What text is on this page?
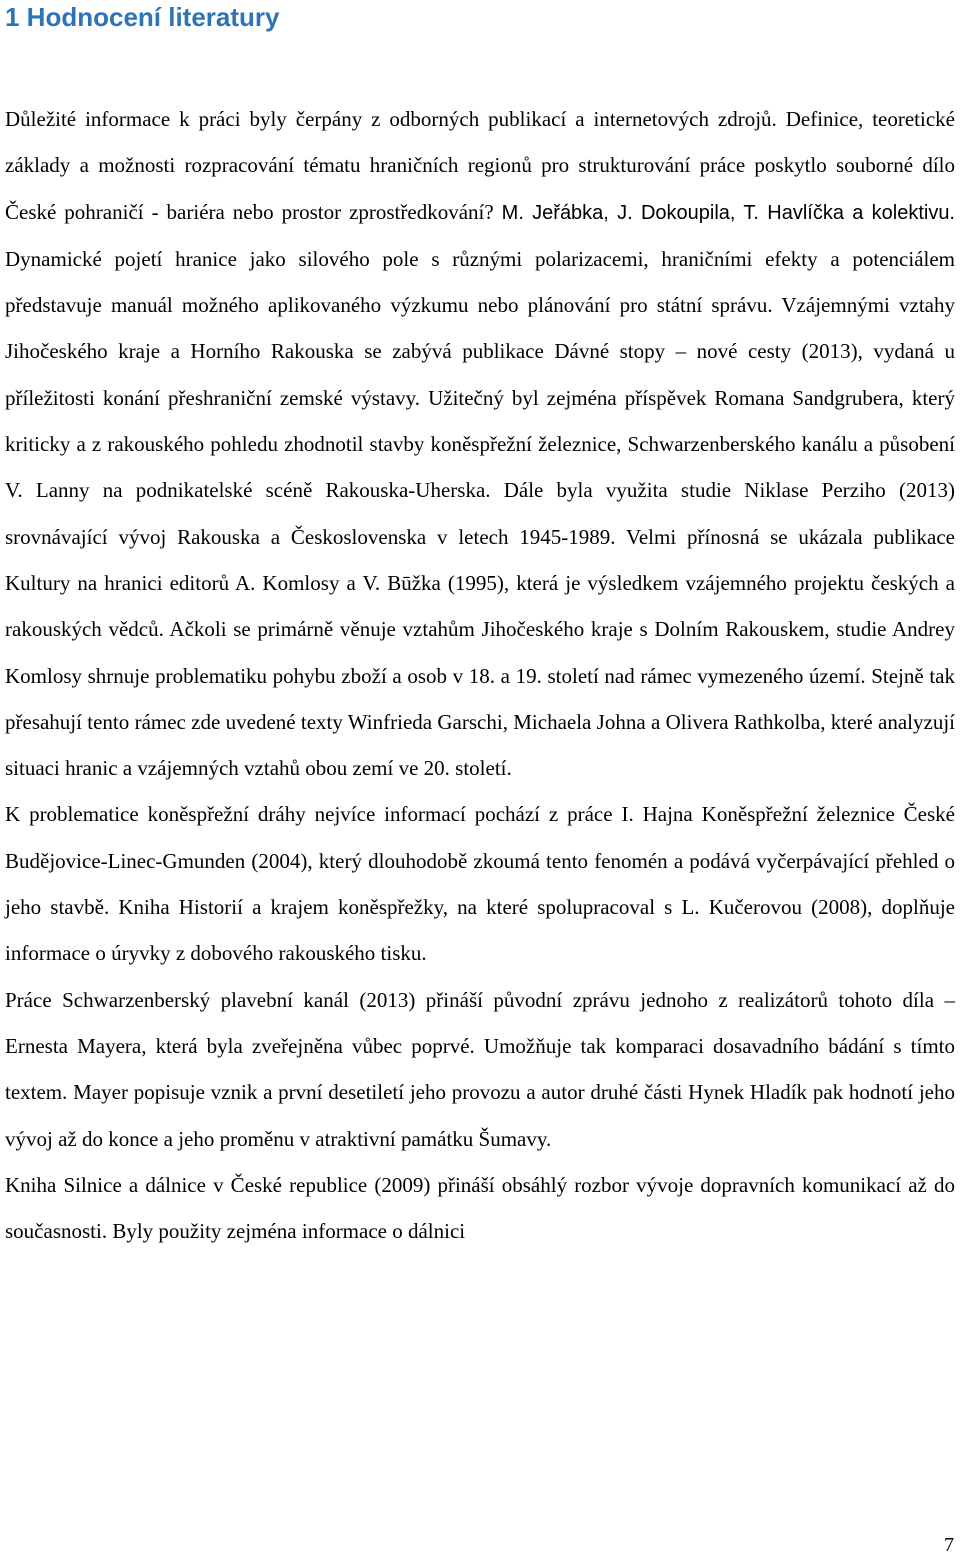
1 Hodnocení literatury

Důležité informace k práci byly čerpány z odborných publikací a internetových zdrojů. Definice, teoretické základy a možnosti rozpracování tématu hraničních regionů pro strukturování práce poskytlo souborné dílo České pohraničí - bariéra nebo prostor zprostředkování? M. Jeřábka, J. Dokoupila, T. Havlíčka a kolektivu. Dynamické pojetí hranice jako silového pole s různými polarizacemi, hraničními efekty a potenciálem představuje manuál možného aplikovaného výzkumu nebo plánování pro státní správu. Vzájemnými vztahy Jihočeského kraje a Horního Rakouska se zabývá publikace Dávné stopy – nové cesty (2013), vydaná u příležitosti konání přeshraniční zemské výstavy. Užitečný byl zejména příspěvek Romana Sandgrubera, který kriticky a z rakouského pohledu zhodnotil stavby koněspřežní železnice, Schwarzenberského kanálu a působení V. Lanny na podnikatelské scéně Rakouska-Uherska. Dále byla využita studie Niklase Perziho (2013) srovnávající vývoj Rakouska a Československa v letech 1945-1989. Velmi přínosná se ukázala publikace Kultury na hranici editorů A. Komlosy a V. Būžka (1995), která je výsledkem vzájemného projektu českých a rakouských vědců. Ačkoli se primárně věnuje vztahům Jihočeského kraje s Dolním Rakouskem, studie Andrey Komlosy shrnuje problematiku pohybu zboží a osob v 18. a 19. století nad rámec vymezeného území. Stejně tak přesahují tento rámec zde uvedené texty Winfrieda Garschi, Michaela Johna a Olivera Rathkolba, které analyzují situaci hranic a vzájemných vztahů obou zemí ve 20. století.

K problematice koněspřežní dráhy nejvíce informací pochází z práce I. Hajna Koněspřežní železnice České Budějovice-Linec-Gmunden (2004), který dlouhodobě zkoumá tento fenomén a podává vyčerpávající přehled o jeho stavbě. Kniha Historií a krajem koněspřežky, na které spolupracoval s L. Kučerovou (2008), doplňuje informace o úryvky z dobového rakouského tisku.

Práce Schwarzenberský plavební kanál (2013) přináší původní zprávu jednoho z realizátorů tohoto díla – Ernesta Mayera, která byla zveřejněna vůbec poprvé. Umožňuje tak komparaci dosavadního bádání s tímto textem. Mayer popisuje vznik a první desetiletí jeho provozu a autor druhé části Hynek Hladík pak hodnotí jeho vývoj až do konce a jeho proměnu v atraktivní památku Šumavy.

Kniha Silnice a dálnice v České republice (2009) přináší obsáhlý rozbor vývoje dopravních komunikací až do současnosti. Byly použity zejména informace o dálnici

7
